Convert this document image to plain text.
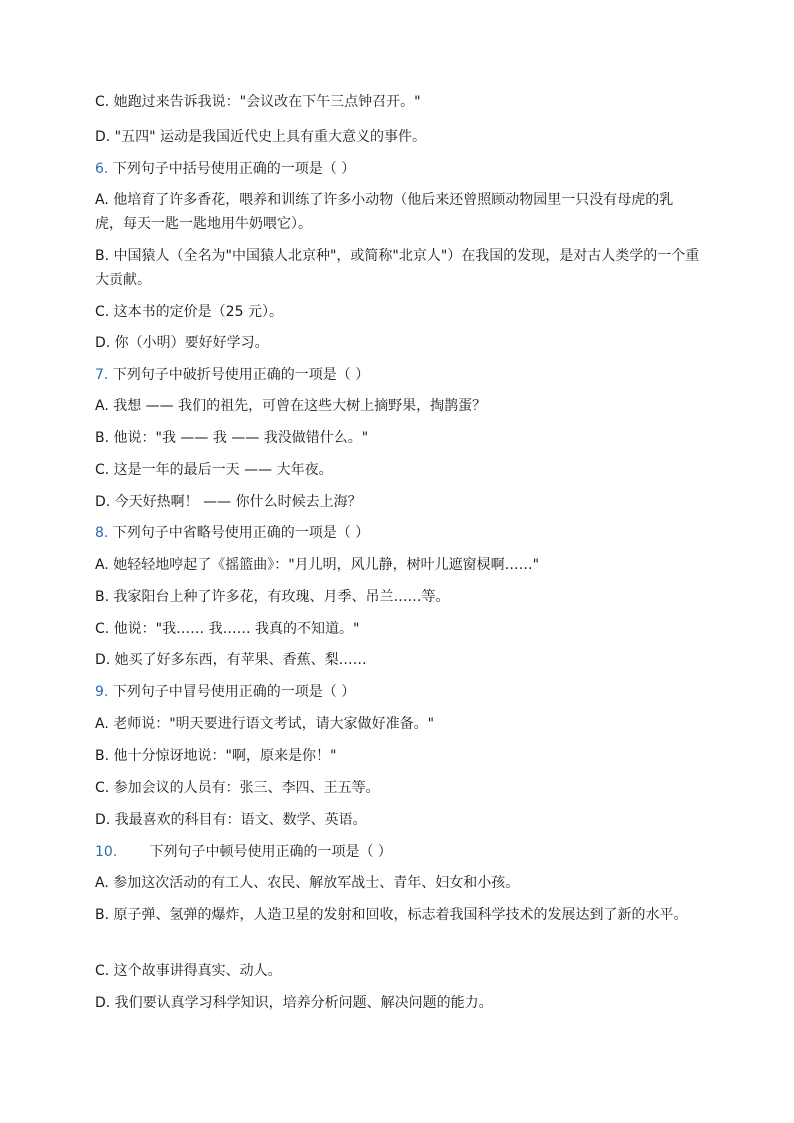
C. 她跑过来告诉我说："会议改在下午三点钟召开。"
D. "五四" 运动是我国近代史上具有重大意义的事件。
6. 下列句子中括号使用正确的一项是（ ）
A. 他培育了许多香花，喂养和训练了许多小动物（他后来还曾照顾动物园里一只没有母虎的乳虎，每天一匙一匙地用牛奶喂它）。
B. 中国猿人（全名为"中国猿人北京种"，或简称"北京人"）在我国的发现，是对古人类学的一个重大贡献。
C. 这本书的定价是（25 元）。
D. 你（小明）要好好学习。
7. 下列句子中破折号使用正确的一项是（ ）
A. 我想 —— 我们的祖先，可曾在这些大树上摘野果，掏鹊蛋？
B. 他说："我 —— 我 —— 我没做错什么。"
C. 这是一年的最后一天 —— 大年夜。
D. 今天好热啊！ —— 你什么时候去上海？
8. 下列句子中省略号使用正确的一项是（ ）
A. 她轻轻地哼起了《摇篮曲》："月儿明，风儿静，树叶儿遮窗棂啊……"
B. 我家阳台上种了许多花，有玫瑰、月季、吊兰……等。
C. 他说："我…… 我…… 我真的不知道。"
D. 她买了好多东西，有苹果、香蕉、梨……
9. 下列句子中冒号使用正确的一项是（ ）
A. 老师说："明天要进行语文考试，请大家做好准备。"
B. 他十分惊讶地说："啊，原来是你！"
C. 参加会议的人员有：张三、李四、王五等。
D. 我最喜欢的科目有：语文、数学、英语。
10. 下列句子中顿号使用正确的一项是（ ）
A. 参加这次活动的有工人、农民、解放军战士、青年、妇女和小孩。
B. 原子弹、氢弹的爆炸，人造卫星的发射和回收，标志着我国科学技术的发展达到了新的水平。
C. 这个故事讲得真实、动人。
D. 我们要认真学习科学知识，培养分析问题、解决问题的能力。
